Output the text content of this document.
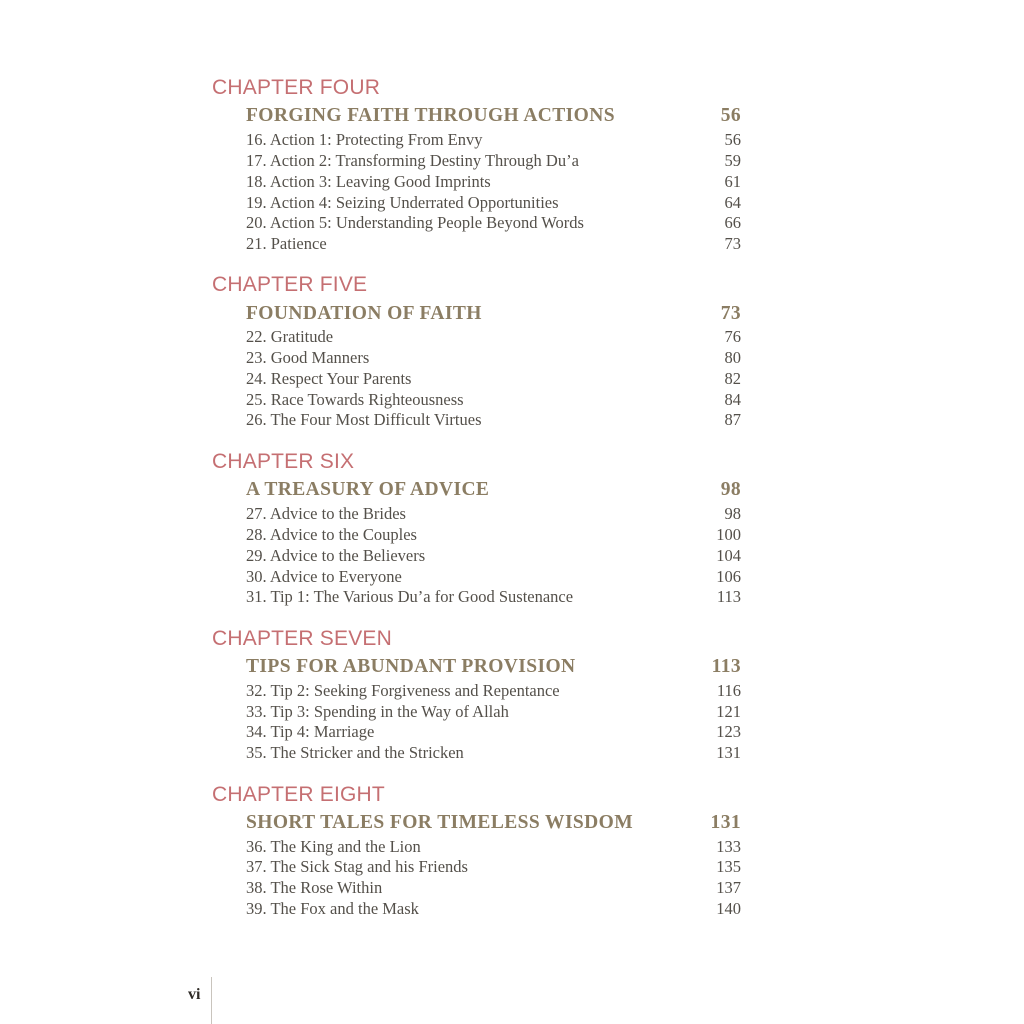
CHAPTER FOUR
FORGING FAITH THROUGH ACTIONS	56
16. Action 1: Protecting From Envy	56
17. Action 2: Transforming Destiny Through Du’a	59
18. Action 3: Leaving Good Imprints	61
19. Action 4: Seizing Underrated Opportunities	64
20. Action 5: Understanding People Beyond Words	66
21. Patience	73
CHAPTER FIVE
FOUNDATION OF FAITH	73
22. Gratitude	76
23. Good Manners	80
24. Respect Your Parents	82
25. Race Towards Righteousness	84
26. The Four Most Difficult Virtues	87
CHAPTER SIX
A TREASURY OF ADVICE	98
27. Advice to the Brides	98
28. Advice to the Couples	100
29. Advice to the Believers	104
30. Advice to Everyone	106
31. Tip 1: The Various Du’a for Good Sustenance	113
CHAPTER SEVEN
TIPS FOR ABUNDANT PROVISION	113
32. Tip 2: Seeking Forgiveness and Repentance	116
33. Tip 3: Spending in the Way of Allah	121
34. Tip 4: Marriage	123
35. The Stricker and the Stricken	131
CHAPTER EIGHT
SHORT TALES FOR TIMELESS WISDOM	131
36. The King and the Lion	133
37. The Sick Stag and his Friends	135
38. The Rose Within	137
39. The Fox and the Mask	140
vi
